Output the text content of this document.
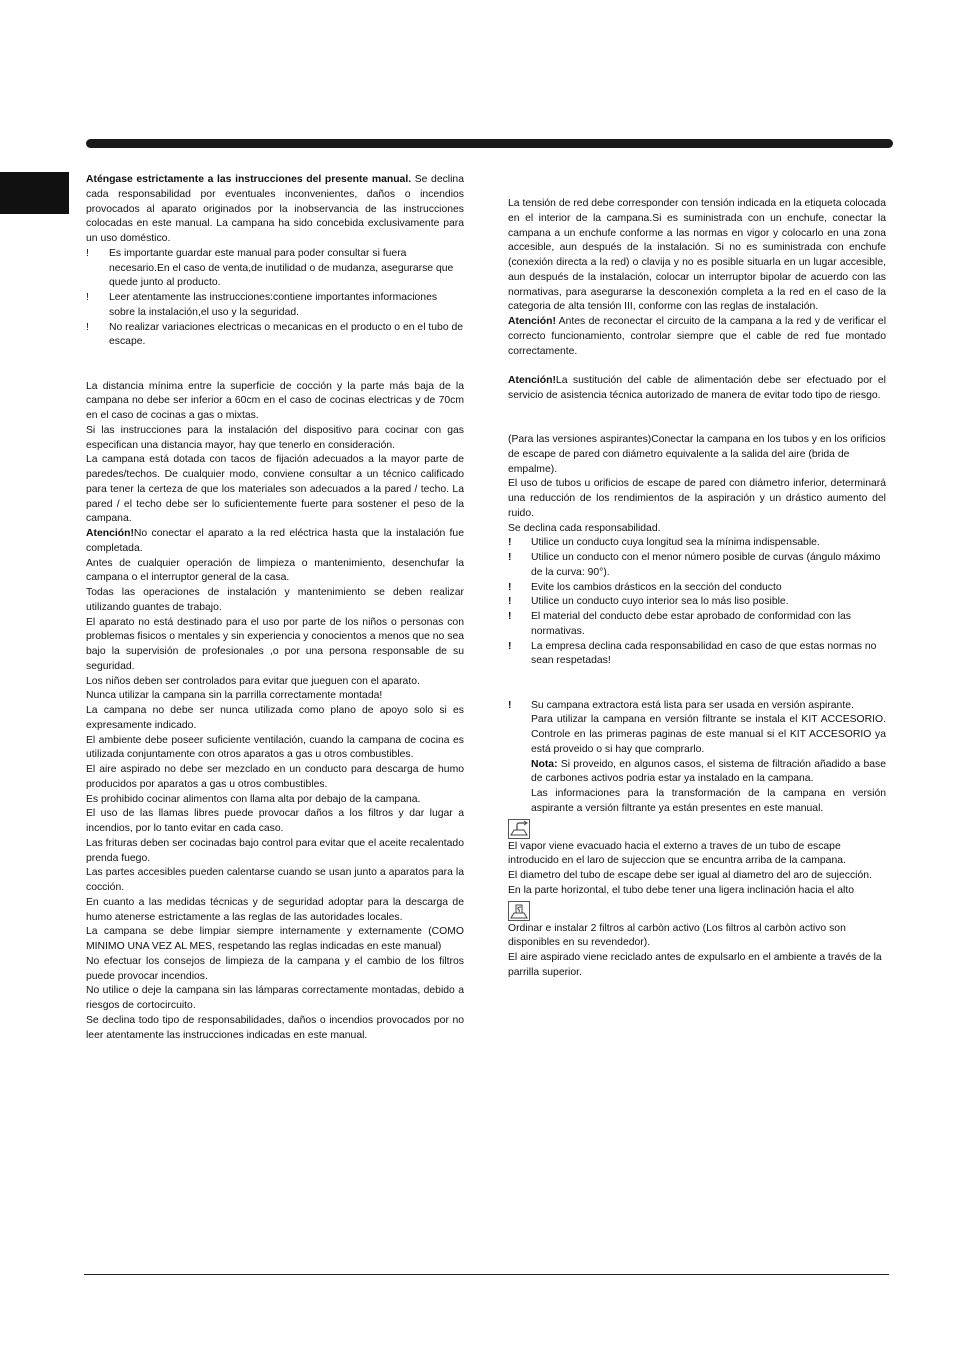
Aténgase estrictamente a las instrucciones del presente manual. Se declina cada responsabilidad por eventuales inconvenientes, daños o incendios provocados al aparato originados por la inobservancia de las instrucciones colocadas en este manual. La campana ha sido concebida exclusivamente para un uso doméstico.

!	Es importante guardar este manual para poder consultar si fuera necesario.En el caso de venta,de inutilidad o de mudanza, asegurarse que quede junto al producto.
!	Leer atentamente las instrucciones:contiene importantes informaciones sobre la instalación,el uso y la seguridad.
!	No realizar variaciones electricas o mecanicas en el producto o en el tubo de escape.

La distancia mínima entre la superficie de cocción y la parte más baja de la campana no debe ser inferior a 60cm en el caso de cocinas electricas y de 70cm en el caso de cocinas a gas o mixtas.

Si las instrucciones para la instalación del dispositivo para cocinar con gas especifican una distancia mayor, hay que tenerlo en consideración.

La campana está dotada con tacos de fijación adecuados a la mayor parte de paredes/techos. De cualquier modo, conviene consultar a un técnico calificado para tener la certeza de que los materiales son adecuados a la pared / techo. La pared / el techo debe ser lo suficientemente fuerte para sostener el peso de la campana.

Atención!No conectar el aparato a la red eléctrica hasta que la instalación fue completada.

Antes de cualquier operación de limpieza o mantenimiento, desenchufar la campana o el interruptor general de la casa.

Todas las operaciones de instalación y mantenimiento se deben realizar utilizando guantes de trabajo.

El aparato no está destinado para el uso por parte de los niños o personas con problemas fisicos o mentales y sin experiencia y conocientos a menos que no sea bajo la supervisión de profesionales ,o por una persona responsable de su seguridad.

Los niños deben ser controlados para evitar que jueguen con el aparato.

Nunca utilizar la campana sin la parrilla correctamente montada!

La campana no debe ser nunca utilizada como plano de apoyo solo si es expresamente indicado.

El ambiente debe poseer suficiente ventilación, cuando la campana de cocina es utilizada conjuntamente con otros aparatos a gas u otros combustibles.

El aire aspirado no debe ser mezclado en un conducto para descarga de humo producidos por aparatos a gas u otros combustibles.

Es prohibido cocinar alimentos con llama alta por debajo de la campana.

El uso de las llamas libres puede provocar daños a los filtros y dar lugar a incendios, por lo tanto evitar en cada caso.

Las frituras deben ser cocinadas bajo control para evitar que el aceite recalentado prenda fuego.

Las partes accesibles pueden calentarse cuando se usan junto a aparatos para la cocción.

En cuanto a las medidas técnicas y de seguridad adoptar para la descarga de humo atenerse estrictamente a las reglas de las autoridades locales.

La campana se debe limpiar siempre internamente y externamente (COMO MINIMO UNA VEZ AL MES, respetando las reglas indicadas en este manual)

No efectuar los consejos de limpieza de la campana y el cambio de los filtros puede provocar incendios.

No utilice o deje la campana sin las lámparas correctamente montadas, debido a riesgos de cortocircuito.

Se declina todo tipo de responsabilidades, daños o incendios provocados por no leer atentamente las instrucciones indicadas en este manual.

La tensión de red debe corresponder con tensión indicada en la etiqueta colocada en el interior de la campana.Si es suministrada con un enchufe, conectar la campana a un enchufe conforme a las normas en vigor y colocarlo en una zona accesible, aun después de la instalación. Si no es suministrada con enchufe (conexión directa a la red) o clavija y no es posible situarla en un lugar accesible, aun después de la instalación, colocar un interruptor bipolar de acuerdo con las normativas, para asegurarse la desconexión completa a la red en el caso de la categoria de alta tensión III, conforme con las reglas de instalación.

Atención! Antes de reconectar el circuito de la campana a la red y de verificar el correcto funcionamiento, controlar siempre que el cable de red fue montado correctamente.

Atención!La sustitución del cable de alimentación debe ser efectuado por el servicio de asistencia técnica autorizado de manera de evitar todo tipo de riesgo.

(Para las versiones aspirantes)Conectar la campana en los tubos y en los orificios de escape de pared con diámetro equivalente a la salida del aire (brida de empalme).

El uso de tubos u orificios de escape de pared con diámetro inferior, determinará una reducción de los rendimientos de la aspiración y un drástico aumento del ruido.

Se declina cada responsabilidad.

!	Utilice un conducto cuya longitud sea la mínima indispensable.
!	Utilice un conducto con el menor número posible de curvas (ángulo máximo de la curva: 90°).
!	Evite los cambios drásticos en la sección del conducto
!	Utilice un conducto cuyo interior sea lo más liso posible.
!	El material del conducto debe estar aprobado de conformidad con las normativas.
!	La empresa declina cada responsabilidad en caso de que estas normas no sean respetadas!
!	Su campana extractora está lista para ser usada en versión aspirante.

Para utilizar la campana en versión filtrante se instala el KIT ACCESORIO. Controle en las primeras paginas de este manual si el KIT ACCESORIO ya está proveido o si hay que comprarlo.

Nota: Si proveido, en algunos casos, el sistema de filtración añadido a base de carbones activos podria estar ya instalado en la campana.

Las informaciones para la transformación de la campana en versión aspirante a versión filtrante ya están presentes en este manual.

El vapor viene evacuado hacia el externo a traves de un tubo de escape introducido en el laro de sujeccion que se encuntra arriba de la campana.

El diametro del tubo de escape debe ser igual al diametro del aro de sujección.

En la parte horizontal, el tubo debe tener una ligera inclinación hacia el alto

Ordinar e instalar 2 filtros al carbòn activo (Los filtros al carbòn activo son disponibles en su revendedor).

El aire aspirado viene reciclado antes de expulsarlo en el ambiente a través de la parrilla superior.
